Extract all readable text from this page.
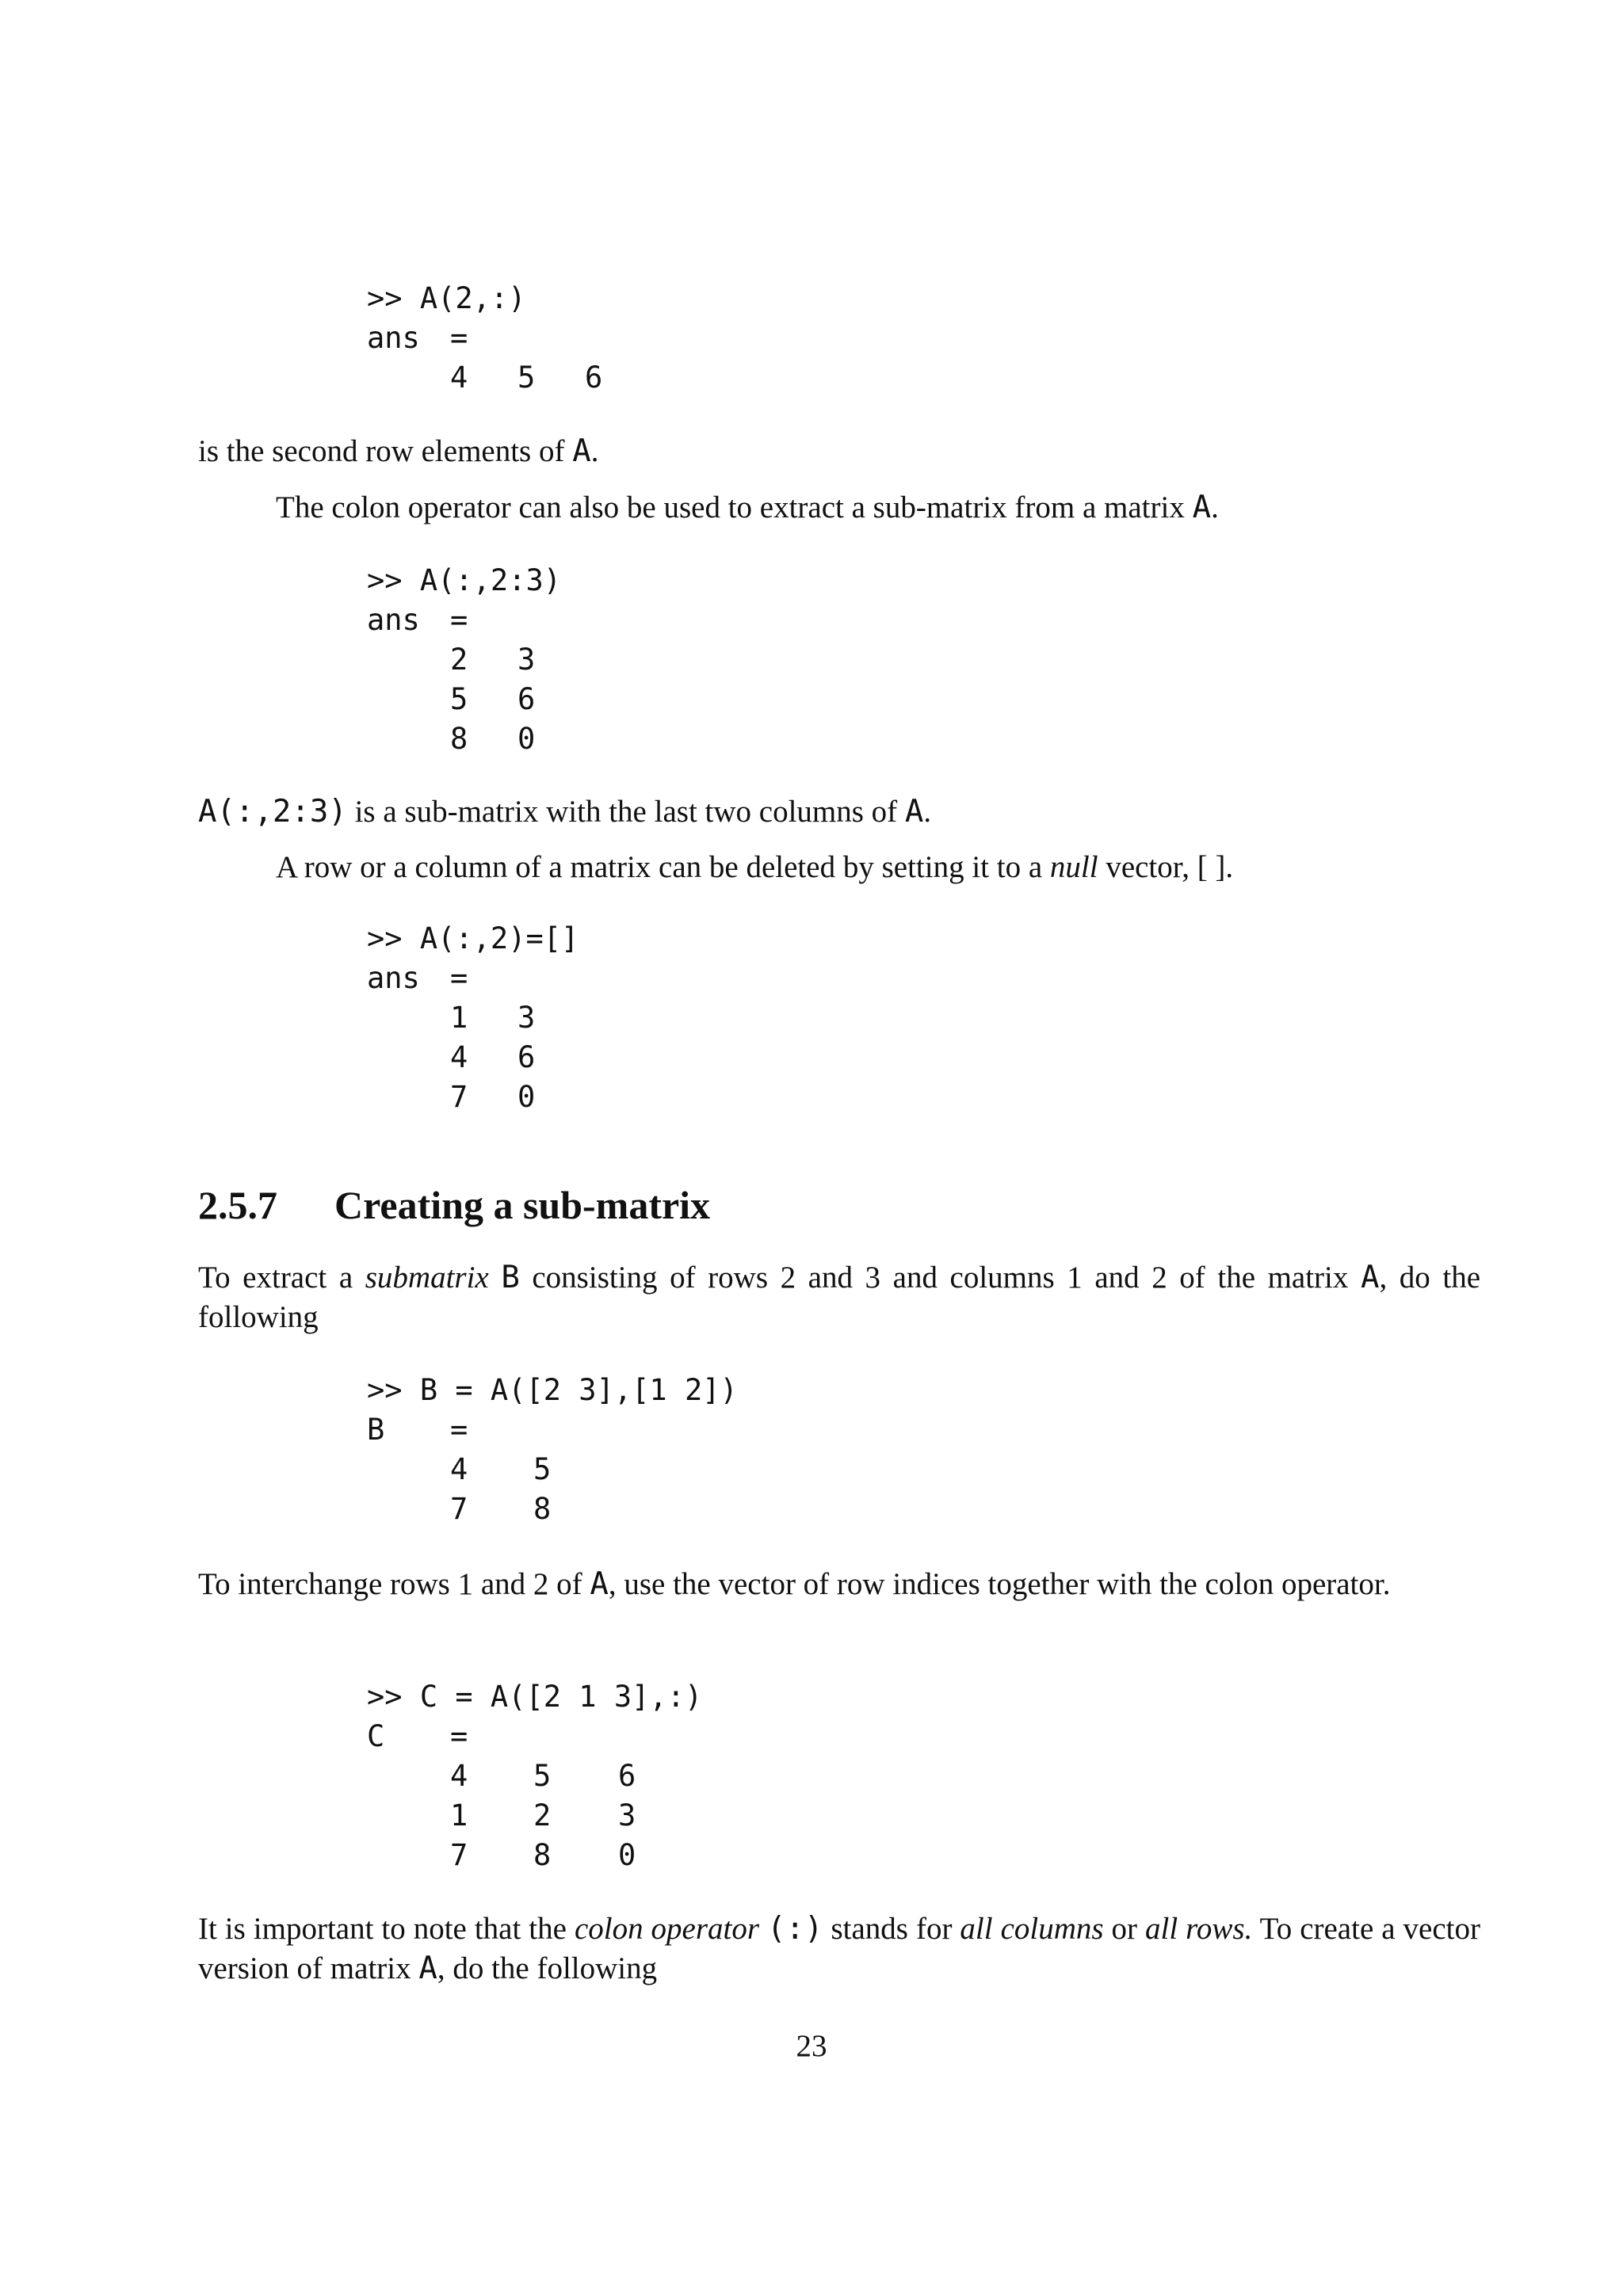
>> A(2,:)
ans =
4 5 6

is the second row elements of A.

The colon operator can also be used to extract a sub-matrix from a matrix A.

>> A(:,2:3)
ans =
2 3
5 6
8 0

A(:,2:3) is a sub-matrix with the last two columns of A.

A row or a column of a matrix can be deleted by setting it to a null vector, [ ].

>> A(:,2)=[]
ans =
1 3
4 6
7 0
2.5.7 Creating a sub-matrix

To extract a submatrix B consisting of rows 2 and 3 and columns 1 and 2 of the matrix A, do the following

>> B = A([2 3],[1 2])
B =
4 5
7 8

To interchange rows 1 and 2 of A, use the vector of row indices together with the colon operator.

>> C = A([2 1 3],:)
C =
4 5 6
1 2 3
7 8 0

It is important to note that the colon operator (:) stands for all columns or all rows. To create a vector version of matrix A, do the following

23
